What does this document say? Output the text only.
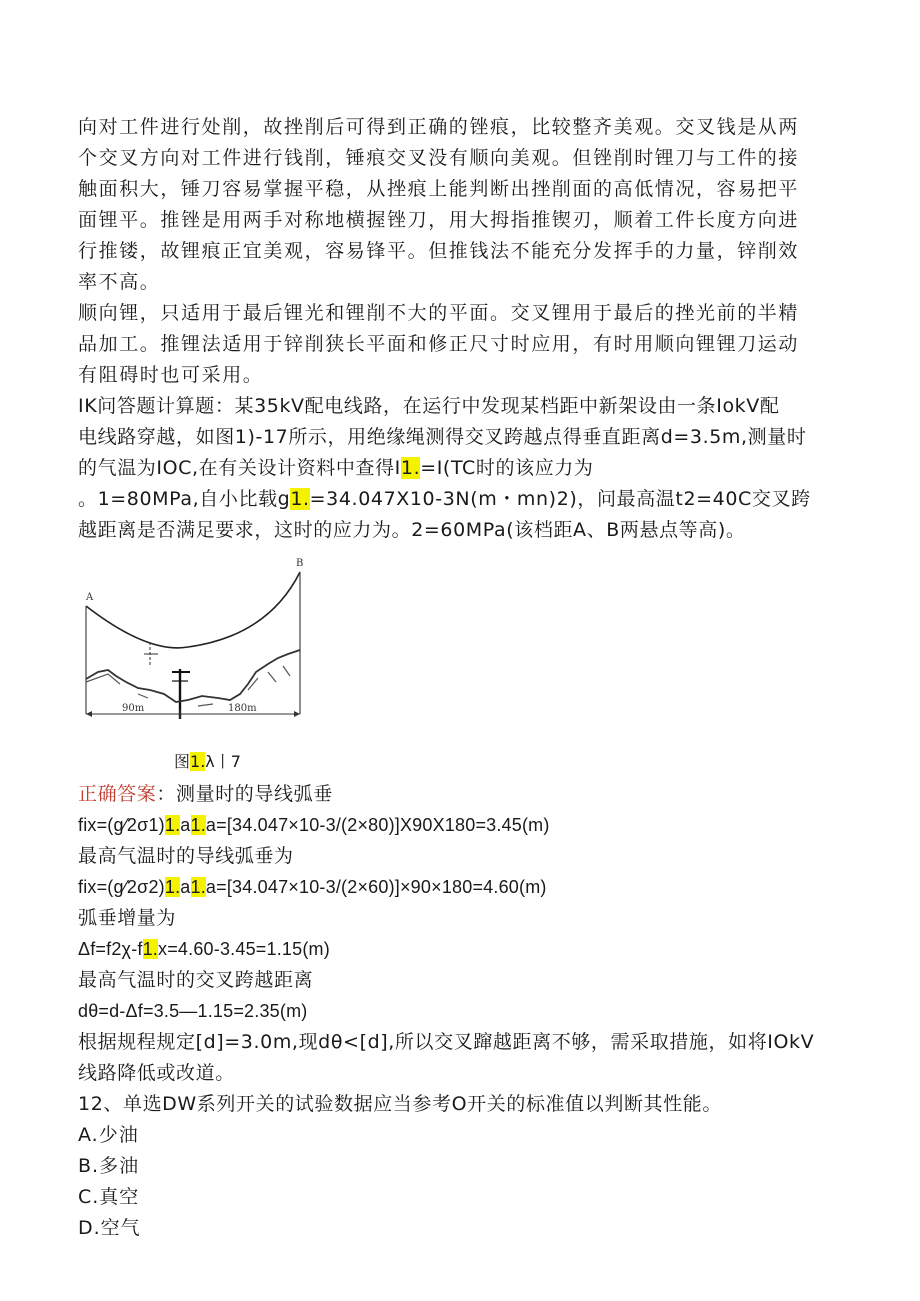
向对工件进行处削，故挫削后可得到正确的锉痕，比较整齐美观。交叉钱是从两

个交叉方向对工件进行钱削，锤痕交叉没有顺向美观。但锉削时锂刀与工件的接

触面积大，锤刀容易掌握平稳，从挫痕上能判断出挫削面的高低情况，容易把平

面锂平。推锉是用两手对称地横握锉刀，用大拇指推锲刃，顺着工件长度方向进

行推镂，故锂痕正宜美观，容易锋平。但推钱法不能充分发挥手的力量，锌削效

率不高。

顺向锂，只适用于最后锂光和锂削不大的平面。交叉锂用于最后的挫光前的半精

品加工。推锂法适用于锌削狭长平面和修正尺寸时应用，有时用顺向锂锂刀运动

有阻碍时也可采用。

IK问答题计算题：某35kV配电线路，在运行中发现某档距中新架设由一条IokV配

电线路穿越，如图1)-17所示，用绝缘绳测得交叉跨越点得垂直距离d=3.5m,测量时

的气温为IOC,在有关设计资料中查得I1.=I(TC时的该应力为

。1=80MPa,自小比载g1.=34.047X10-3N(m・mn)2)，问最高温t2=40C交叉跨

越距离是否满足要求，这时的应力为。2=60MPa(该档距A、B两悬点等高)。

A
B
90m	180m

图1.λ丨7

正确答案：测量时的导线弧垂

fix=(g⁄2σ1)1.a1.a=[34.047×10-3/(2×80)]X90X180=3.45(m)

最高气温时的导线弧垂为

fix=(g⁄2σ2)1.a1.a=[34.047×10-3/(2×60)]×90×180=4.60(m)

弧垂增量为

Δf=f2χ-f1.x=4.60-3.45=1.15(m)

最高气温时的交叉跨越距离

dθ=d-Δf=3.5—1.15=2.35(m)

根据规程规定[d]=3.0m,现dθ<[d],所以交叉蹿越距离不够，需采取措施，如将IOkV

线路降低或改道。

12、单选DW系列开关的试验数据应当参考O开关的标准值以判断其性能。

A.少油

B.多油

C.真空

D.空气
